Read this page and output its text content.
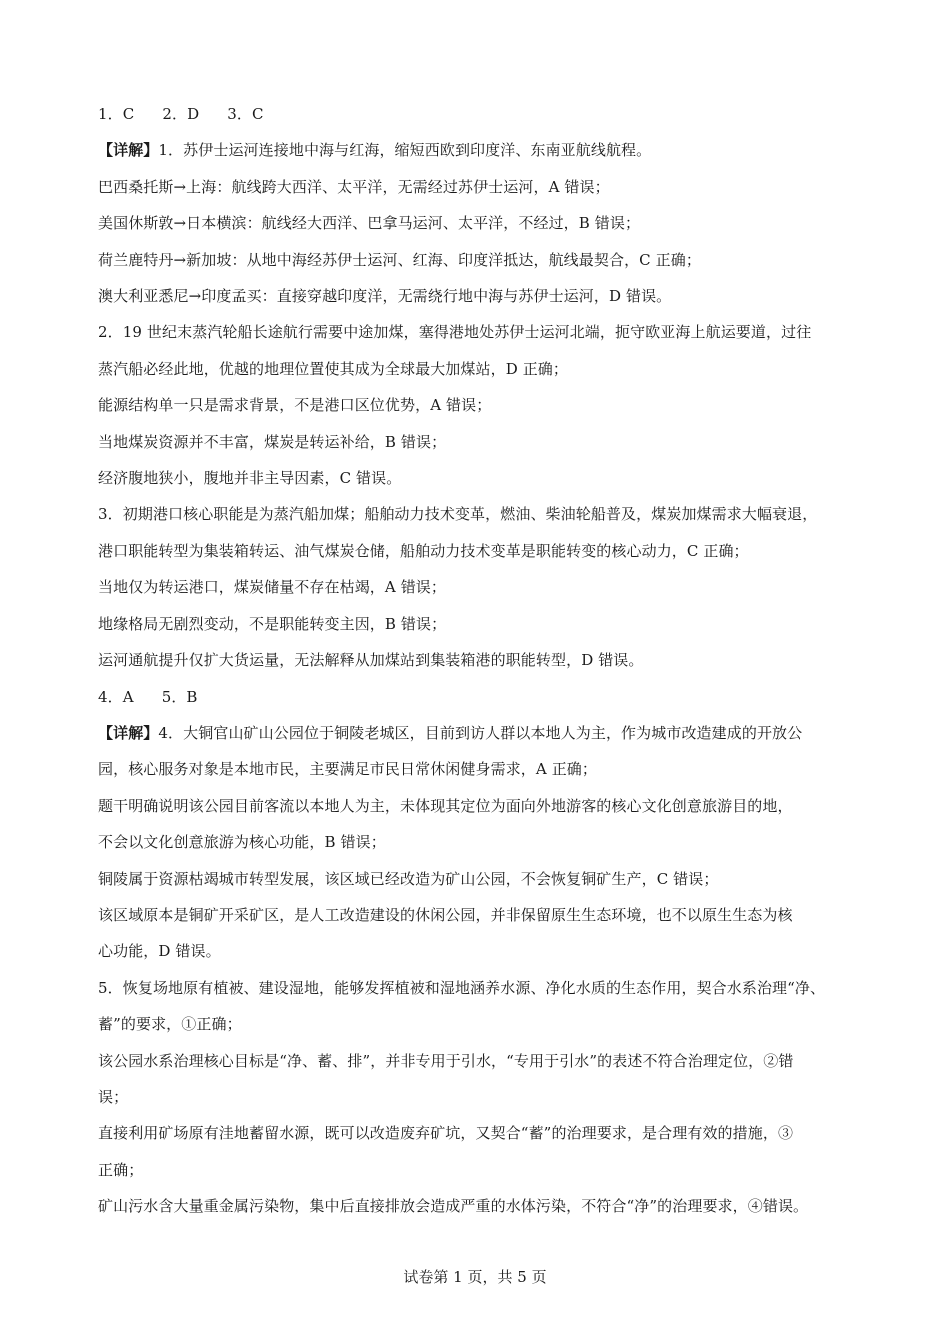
1．C 2．D 3．C
【详解】1．苏伊士运河连接地中海与红海，缩短西欧到印度洋、东南亚航线航程。
巴西桑托斯→上海：航线跨大西洋、太平洋，无需经过苏伊士运河，A 错误；
美国休斯敦→日本横滨：航线经大西洋、巴拿马运河、太平洋，不经过，B 错误；
荷兰鹿特丹→新加坡：从地中海经苏伊士运河、红海、印度洋抵达，航线最契合，C 正确；
澳大利亚悉尼→印度孟买：直接穿越印度洋，无需绕行地中海与苏伊士运河，D 错误。
2．19 世纪末蒸汽轮船长途航行需要中途加煤，塞得港地处苏伊士运河北端，扼守欧亚海上航运要道，过往
蒸汽船必经此地，优越的地理位置使其成为全球最大加煤站，D 正确；
能源结构单一只是需求背景，不是港口区位优势，A 错误；
当地煤炭资源并不丰富，煤炭是转运补给，B 错误；
经济腹地狭小，腹地并非主导因素，C 错误。
3．初期港口核心职能是为蒸汽船加煤；船舶动力技术变革，燃油、柴油轮船普及，煤炭加煤需求大幅衰退，
港口职能转型为集装箱转运、油气煤炭仓储，船舶动力技术变革是职能转变的核心动力，C 正确；
当地仅为转运港口，煤炭储量不存在枯竭，A 错误；
地缘格局无剧烈变动，不是职能转变主因，B 错误；
运河通航提升仅扩大货运量，无法解释从加煤站到集装箱港的职能转型，D 错误。
4．A 5．B
【详解】4．大铜官山矿山公园位于铜陵老城区，目前到访人群以本地人为主，作为城市改造建成的开放公
园，核心服务对象是本地市民，主要满足市民日常休闲健身需求，A 正确；
题干明确说明该公园目前客流以本地人为主，未体现其定位为面向外地游客的核心文化创意旅游目的地，
不会以文化创意旅游为核心功能，B 错误；
铜陵属于资源枯竭城市转型发展，该区域已经改造为矿山公园，不会恢复铜矿生产，C 错误；
该区域原本是铜矿开采矿区，是人工改造建设的休闲公园，并非保留原生生态环境，也不以原生生态为核
心功能，D 错误。
5．恢复场地原有植被、建设湿地，能够发挥植被和湿地涵养水源、净化水质的生态作用，契合水系治理“净、
蓄”的要求，①正确；
该公园水系治理核心目标是“净、蓄、排”，并非专用于引水，“专用于引水”的表述不符合治理定位，②错
误；
直接利用矿场原有洼地蓄留水源，既可以改造废弃矿坑，又契合“蓄”的治理要求，是合理有效的措施，③
正确；
矿山污水含大量重金属污染物，集中后直接排放会造成严重的水体污染，不符合“净”的治理要求，④错误。
试卷第 1 页，共 5 页
